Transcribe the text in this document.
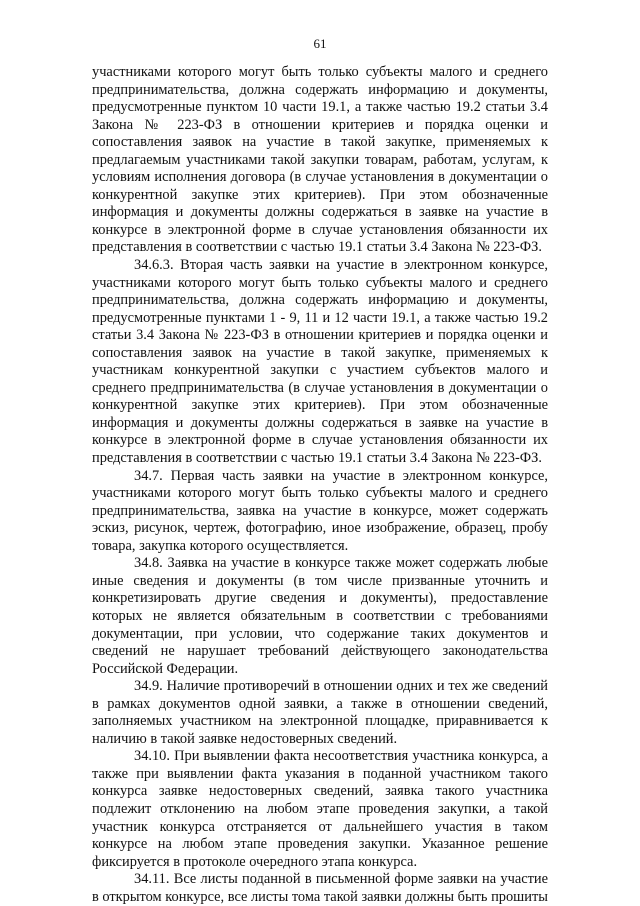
61

участниками которого могут быть только субъекты малого и среднего предпринимательства, должна содержать информацию и документы, предусмотренные пунктом 10 части 19.1, а также частью 19.2 статьи 3.4 Закона № 223-ФЗ в отношении критериев и порядка оценки и сопоставления заявок на участие в такой закупке, применяемых к предлагаемым участниками такой закупки товарам, работам, услугам, к условиям исполнения договора (в случае установления в документации о конкурентной закупке этих критериев). При этом обозначенные информация и документы должны содержаться в заявке на участие в конкурсе в электронной форме в случае установления обязанности их представления в соответствии с частью 19.1 статьи 3.4 Закона № 223-ФЗ.

34.6.3. Вторая часть заявки на участие в электронном конкурсе, участниками которого могут быть только субъекты малого и среднего предпринимательства, должна содержать информацию и документы, предусмотренные пунктами 1 - 9, 11 и 12 части 19.1, а также частью 19.2 статьи 3.4 Закона № 223-ФЗ в отношении критериев и порядка оценки и сопоставления заявок на участие в такой закупке, применяемых к участникам конкурентной закупки с участием субъектов малого и среднего предпринимательства (в случае установления в документации о конкурентной закупке этих критериев). При этом обозначенные информация и документы должны содержаться в заявке на участие в конкурсе в электронной форме в случае установления обязанности их представления в соответствии с частью 19.1 статьи 3.4 Закона № 223-ФЗ.

34.7. Первая часть заявки на участие в электронном конкурсе, участниками которого могут быть только субъекты малого и среднего предпринимательства, заявка на участие в конкурсе, может содержать эскиз, рисунок, чертеж, фотографию, иное изображение, образец, пробу товара, закупка которого осуществляется.

34.8. Заявка на участие в конкурсе также может содержать любые иные сведения и документы (в том числе призванные уточнить и конкретизировать другие сведения и документы), предоставление которых не является обязательным в соответствии с требованиями документации, при условии, что содержание таких документов и сведений не нарушает требований действующего законодательства Российской Федерации.

34.9. Наличие противоречий в отношении одних и тех же сведений в рамках документов одной заявки, а также в отношении сведений, заполняемых участником на электронной площадке, приравнивается к наличию в такой заявке недостоверных сведений.

34.10. При выявлении факта несоответствия участника конкурса, а также при выявлении факта указания в поданной участником такого конкурса заявке недостоверных сведений, заявка такого участника подлежит отклонению на любом этапе проведения закупки, а такой участник конкурса отстраняется от дальнейшего участия в таком конкурсе на любом этапе проведения закупки. Указанное решение фиксируется в протоколе очередного этапа конкурса.

34.11. Все листы поданной в письменной форме заявки на участие в открытом конкурсе, все листы тома такой заявки должны быть прошиты
